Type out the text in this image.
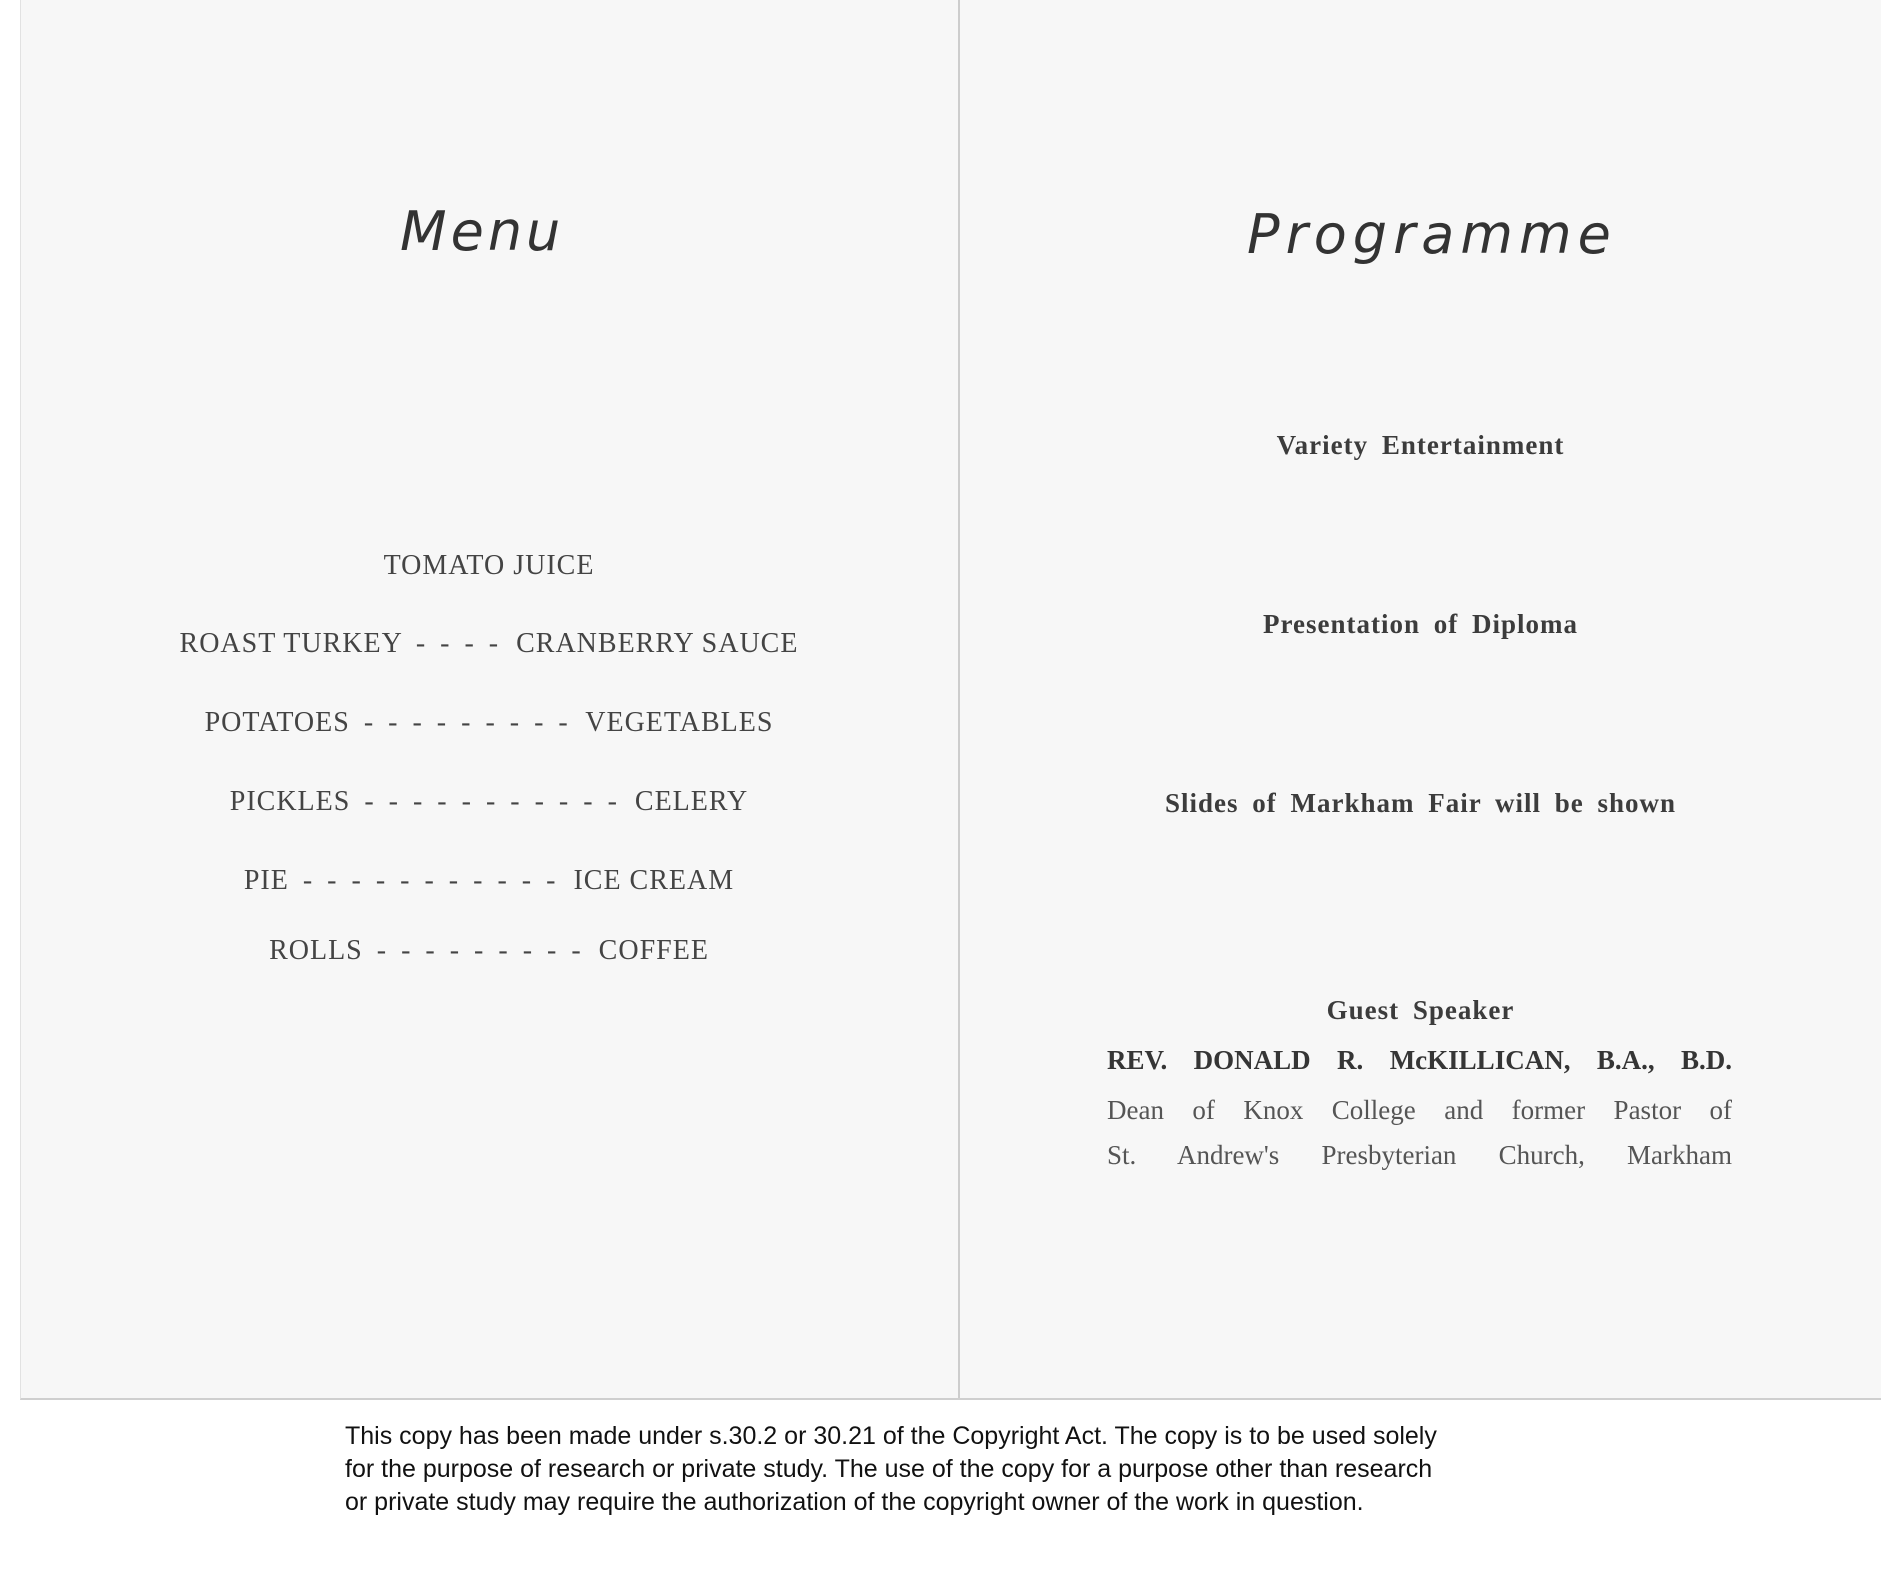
Menu
TOMATO JUICE
ROAST TURKEY - - - - CRANBERRY SAUCE
POTATOES - - - - - - - - - VEGETABLES
PICKLES - - - - - - - - - - - CELERY
PIE - - - - - - - - - - - ICE CREAM
ROLLS - - - - - - - - - COFFEE
Programme
Variety Entertainment
Presentation of Diploma
Slides of Markham Fair will be shown
Guest Speaker
REV. DONALD R. McKILLICAN, B.A., B.D.
Dean of Knox College and former Pastor of
St. Andrew's Presbyterian Church, Markham
This copy has been made under s.30.2 or 30.21 of the Copyright Act. The copy is to be used solely
for the purpose of research or private study. The use of the copy for a purpose other than research
or private study may require the authorization of the copyright owner of the work in question.
